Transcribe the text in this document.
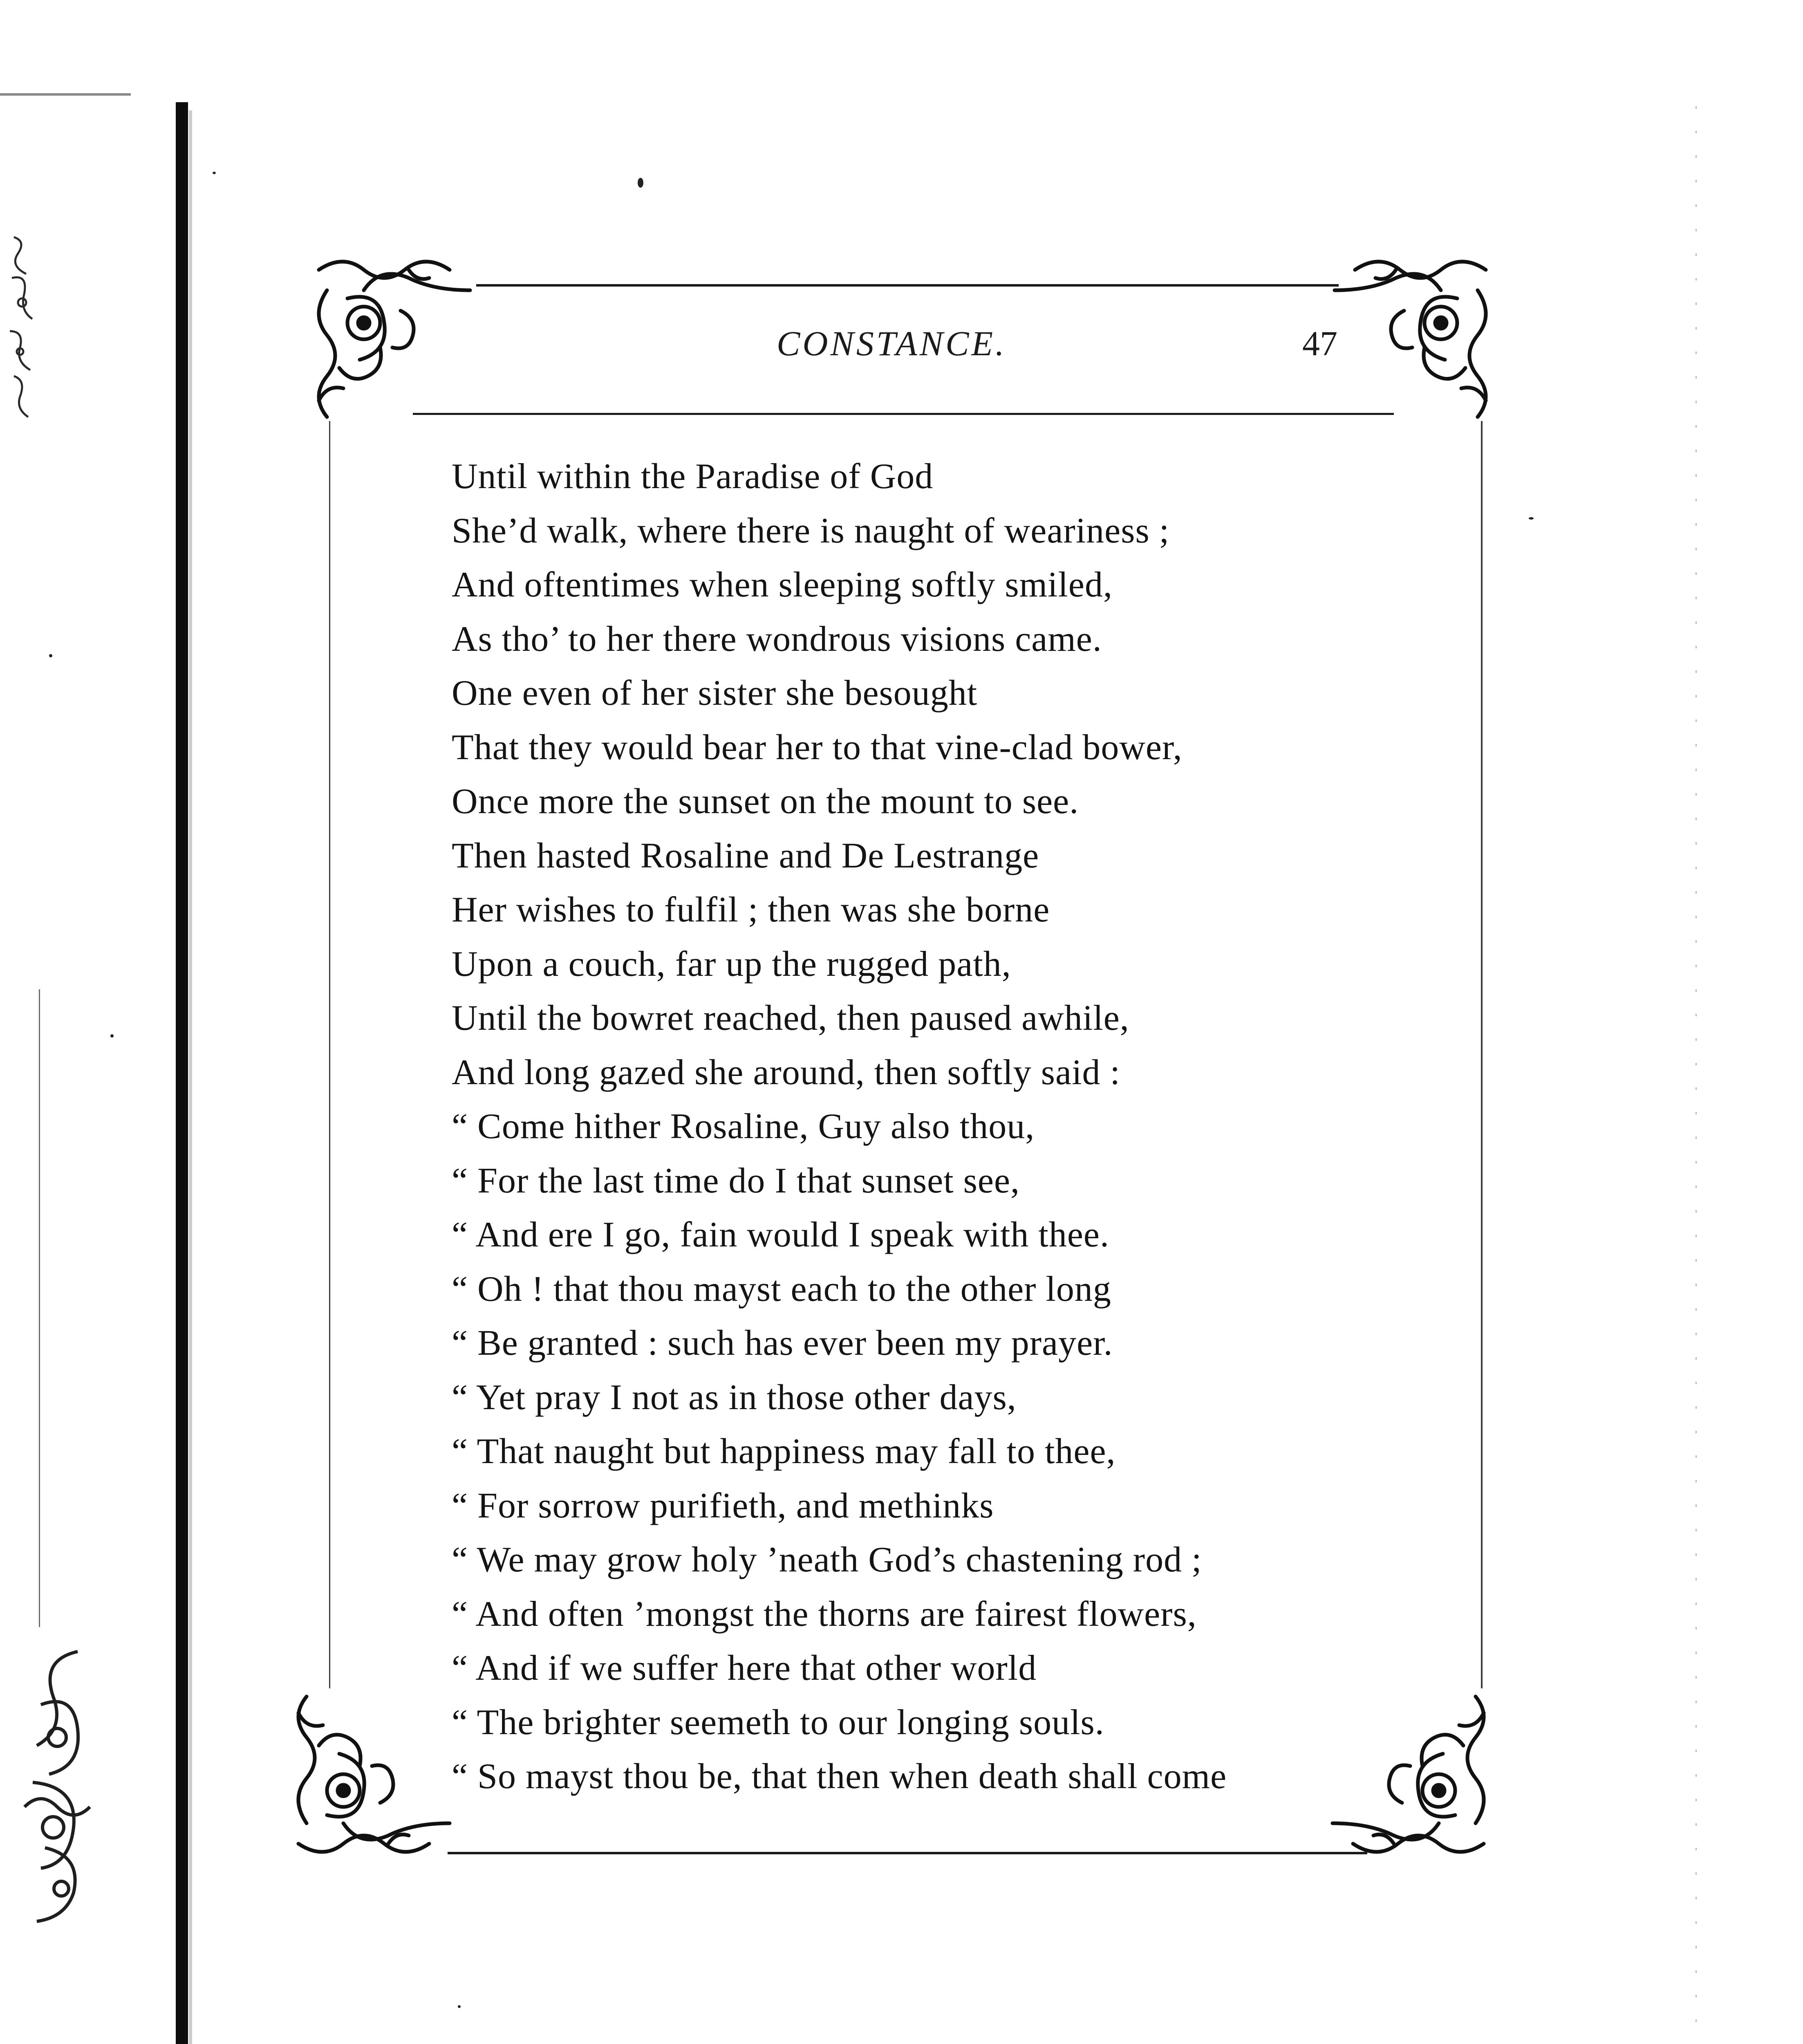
CONSTANCE.	47
Until within the Paradise of God
She’d walk, where there is naught of weariness ;
And oftentimes when sleeping softly smiled,
As tho’ to her there wondrous visions came.
One even of her sister she besought
That they would bear her to that vine-clad bower,
Once more the sunset on the mount to see.
Then hasted Rosaline and De Lestrange
Her wishes to fulfil ; then was she borne
Upon a couch, far up the rugged path,
Until the bowret reached, then paused awhile,
And long gazed she around, then softly said :
“ Come hither Rosaline, Guy also thou,
“ For the last time do I that sunset see,
“ And ere I go, fain would I speak with thee.
“ Oh ! that thou mayst each to the other long
“ Be granted : such has ever been my prayer.
“ Yet pray I not as in those other days,
“ That naught but happiness may fall to thee,
“ For sorrow purifieth, and methinks
“ We may grow holy ’neath God’s chastening rod ;
“ And often ’mongst the thorns are fairest flowers,
“ And if we suffer here that other world
“ The brighter seemeth to our longing souls.
“ So mayst thou be, that then when death shall come
